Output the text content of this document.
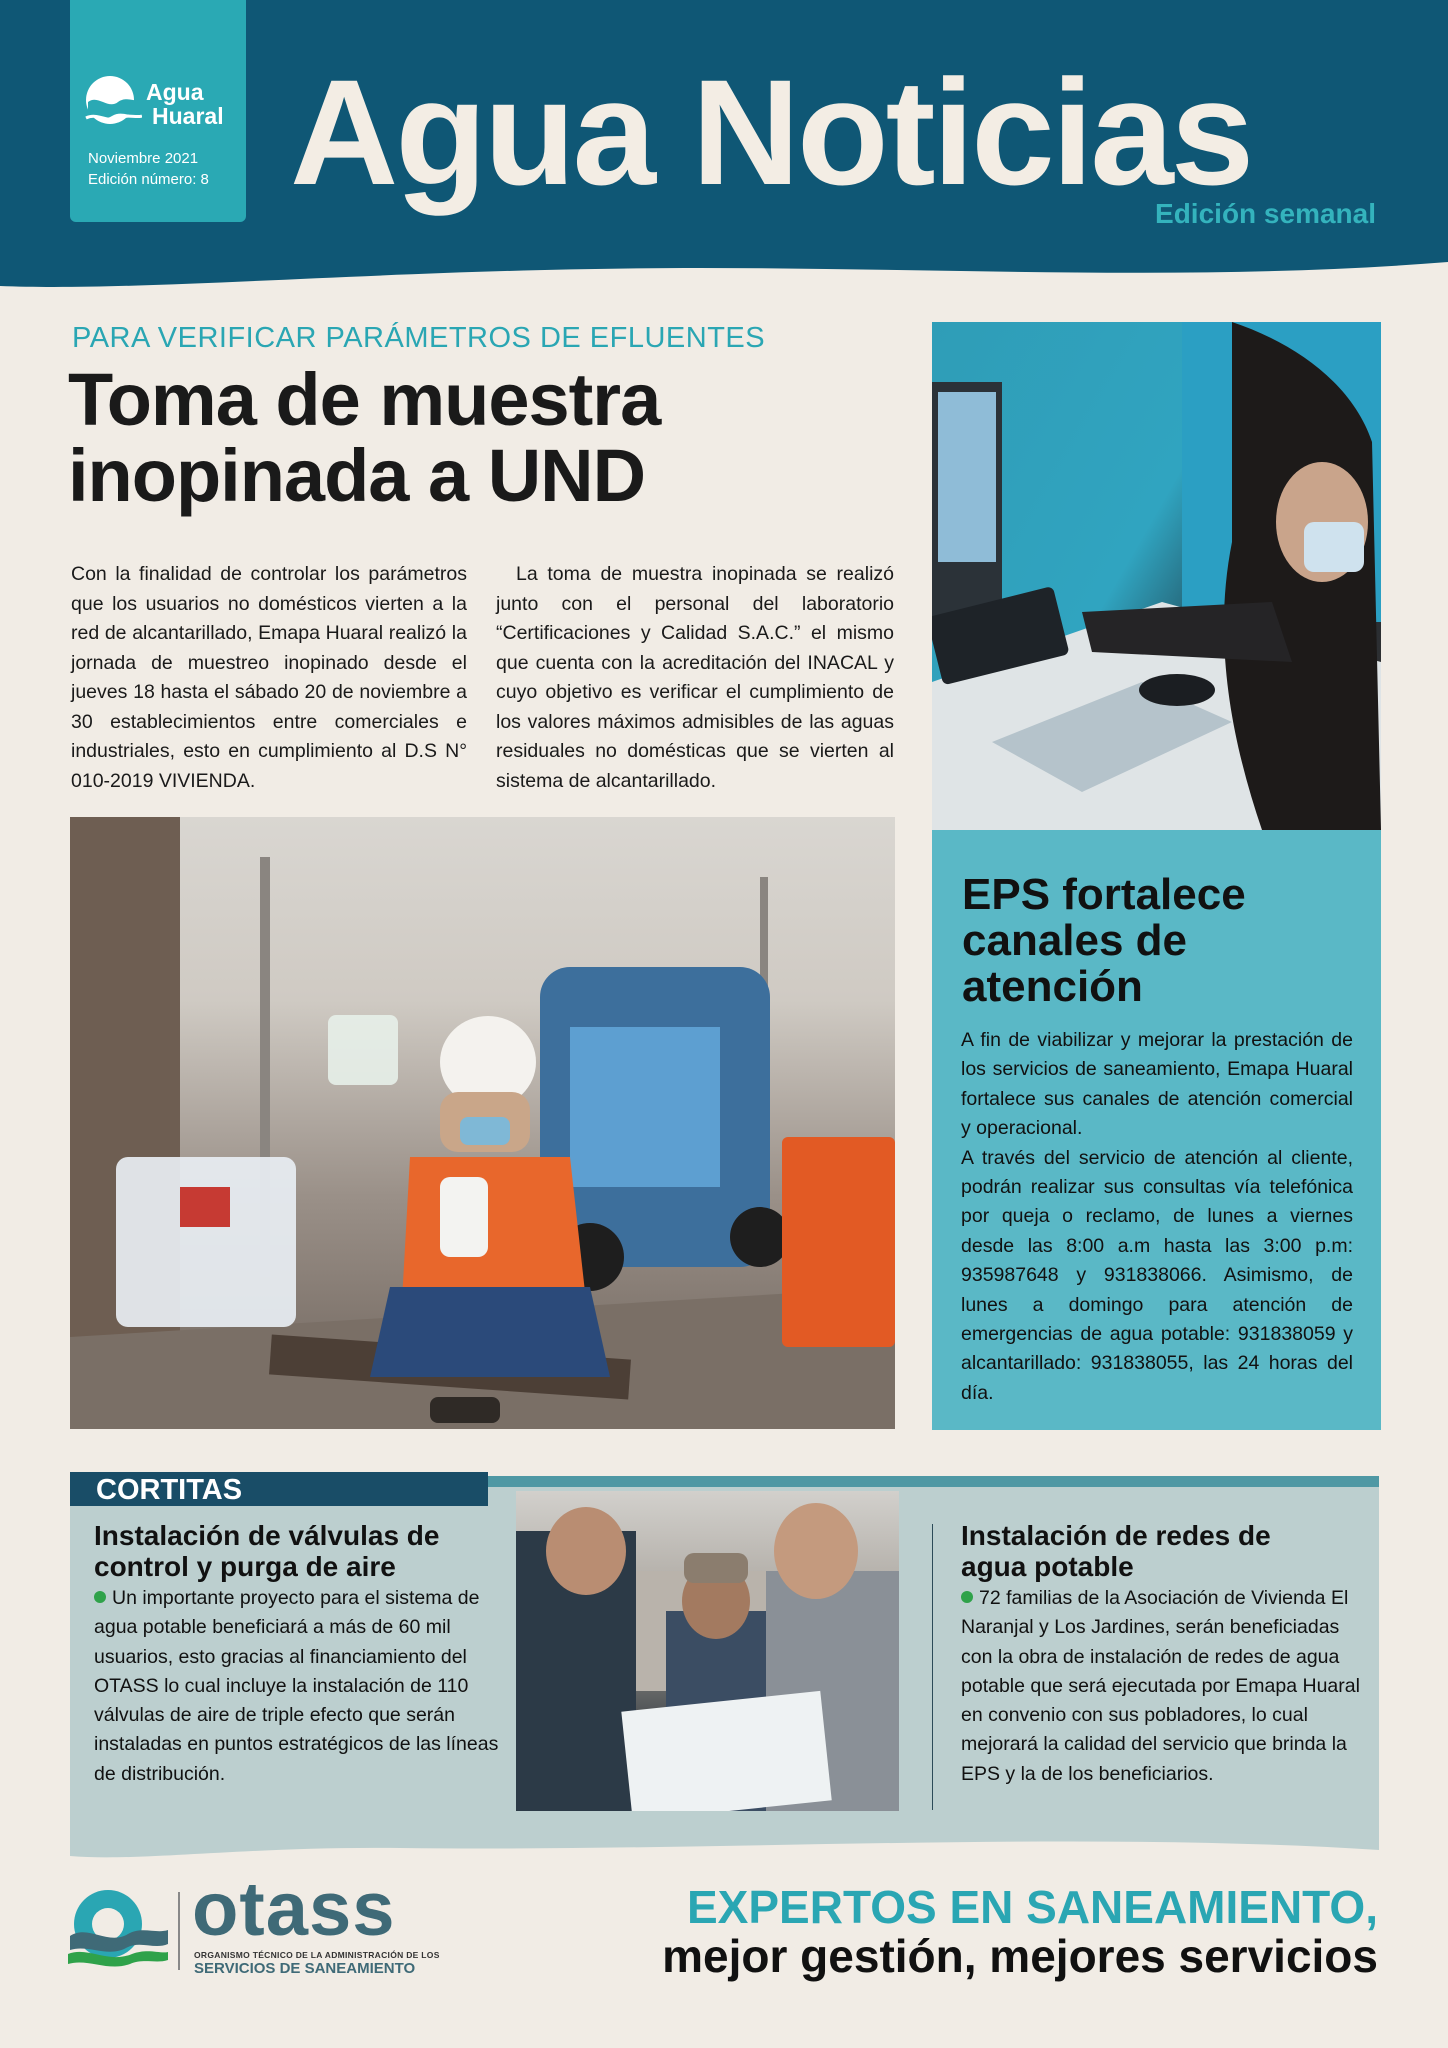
Agua
Huaral
Noviembre 2021
Edición número: 8 Agua Noticias
Edición semanal
PARA VERIFICAR PARÁMETROS DE EFLUENTES
Toma de muestra
inopinada a UND
Con la finalidad de controlar los parámetros que los usuarios no domésticos vierten a la red de alcantarillado, Emapa Huaral realizó la jornada de muestreo inopinado desde el jueves 18 hasta el sábado 20 de noviembre a 30 establecimientos entre comerciales e industriales, esto en cumplimiento al D.S N° 010-2019 VIVIENDA.
La toma de muestra inopinada se realizó junto con el personal del laboratorio “Certificaciones y Calidad S.A.C.” el mismo que cuenta con la acreditación del INACAL y cuyo objetivo es verificar el cumplimiento de los valores máximos admisibles de las aguas residuales no domésticas que se vierten al sistema de alcantarillado.
EPS fortalece
canales de
atención
A fin de viabilizar y mejorar la prestación de los servicios de saneamiento, Emapa Huaral fortalece sus canales de atención comercial y operacional.
A través del servicio de atención al cliente, podrán realizar sus consultas vía telefónica por queja o reclamo, de lunes a viernes desde las 8:00 a.m hasta las 3:00 p.m: 935987648 y 931838066. Asimismo, de lunes a domingo para atención de emergencias de agua potable: 931838059 y alcantarillado: 931838055, las 24 horas del día.
CORTITAS
Instalación de válvulas de
control y purga de aire
Un importante proyecto para el sistema de agua potable beneficiará a más de 60 mil usuarios, esto gracias al financiamiento del OTASS lo cual incluye la instalación de 110 válvulas de aire de triple efecto que serán instaladas en puntos estratégicos de las líneas de distribución.
Instalación de redes de
agua potable
72 familias de la Asociación de Vivienda El Naranjal y Los Jardines, serán beneficiadas con la obra de instalación de redes de agua potable que será ejecutada por Emapa Huaral en convenio con sus pobladores, lo cual mejorará la calidad del servicio que brinda la EPS y la de los beneficiarios.
otass
ORGANISMO TÉCNICO DE LA ADMINISTRACIÓN DE LOS
SERVICIOS DE SANEAMIENTO
EXPERTOS EN SANEAMIENTO,
mejor gestión, mejores servicios
